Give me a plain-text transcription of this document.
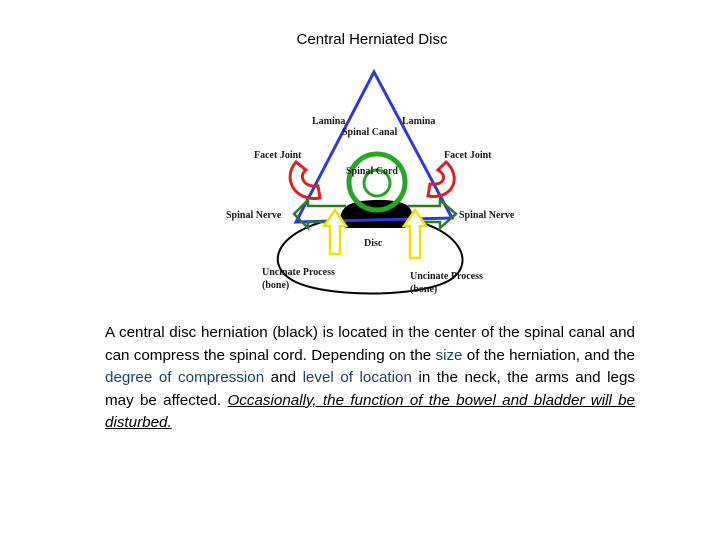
Central Herniated Disc
Lamina	Lamina
Spinal Canal
Facet Joint	Facet Joint
Spinal Cord
Spinal Nerve	Spinal Nerve
Disc
Uncinate Process
(bone)
Uncinate Process
(bone)
A central disc herniation (black) is located in the center of the spinal canal and can compress the spinal cord. Depending on the size of the herniation, and the degree of compression and level of location in the neck, the arms and legs may be affected. Occasionally, the function of the bowel and bladder will be disturbed.
